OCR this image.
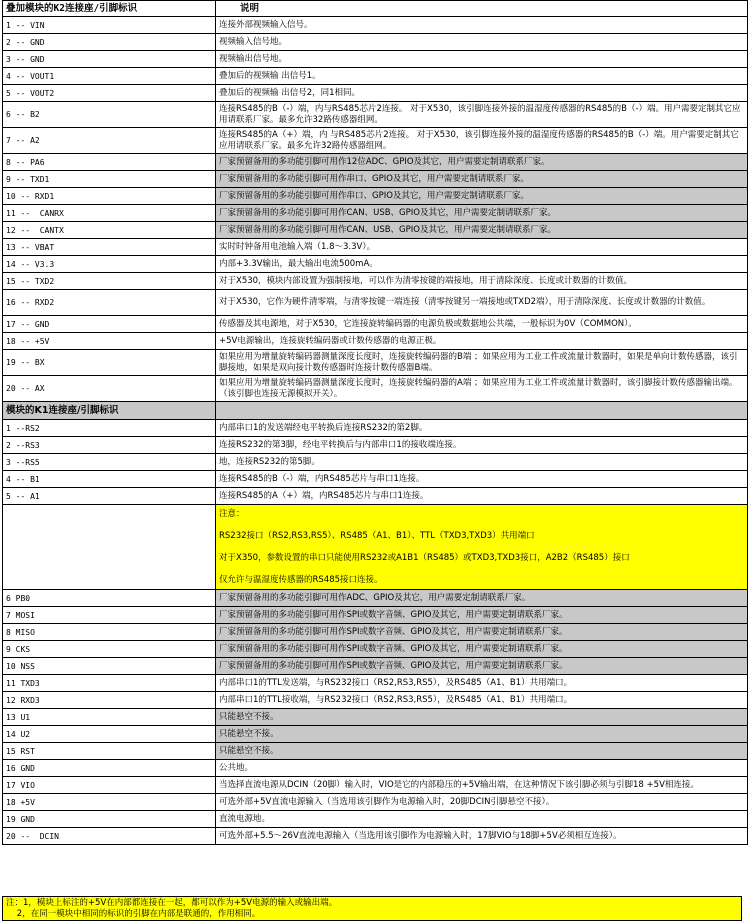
叠加模块的K2连接座/引脚标识	说明
1 -- VIN	连接外部视频输入信号。
2 -- GND	视频输入信号地。
3 -- GND	视频输出信号地。
4 -- VOUT1	叠加后的视频输 出信号1。
5 -- VOUT2	叠加后的视频输 出信号2，同1相同。
6 -- B2	连接RS485的B（-）端，内与RS485芯片2连接。 对于X530，该引脚连接外接的温湿度传感器的RS485的B（-）端。用户需要定制其它应用请联系厂家。最多允许32路传感器组网。
7 -- A2	连接RS485的A（+）端，内 与RS485芯片2连接。 对于X530，该引脚连接外接的温湿度传感器的RS485的B（-）端。用户需要定制其它应用请联系厂家。最多允许32路传感器组网。
8 -- PA6	厂家预留备用的多功能引脚可用作12位ADC、GPIO及其它，用户需要定制请联系厂家。
9 -- TXD1	厂家预留备用的多功能引脚可用作串口、GPIO及其它，用户需要定制请联系厂家。
10 -- RXD1	厂家预留备用的多功能引脚可用作串口、GPIO及其它，用户需要定制请联系厂家。
11 --  CANRX	厂家预留备用的多功能引脚可用作CAN、USB、GPIO及其它，用户需要定制请联系厂家。
12 --  CANTX	厂家预留备用的多功能引脚可用作CAN、USB、GPIO及其它，用户需要定制请联系厂家。
13 -- VBAT	实时时钟备用电池输入端（1.8～3.3V）。
14 -- V3.3	内部+3.3V输出，最大输出电流500mA。
15 -- TXD2	对于X530，模块内部设置为强制接地，可以作为清零按键的端接地，用于清除深度、长度或计数器的计数值。
16 -- RXD2	对于X530，它作为硬件清零端，与清零按键一端连接（清零按键另一端接地或TXD2端），用于清除深度、长度或计数器的计数值。
17 -- GND	传感器及其电源地，对于X530，它连接旋转编码器的电源负极或数据地公共端，一般标识为0V（COMMON）。
18 -- +5V	+5V电源输出，连接旋转编码器或计数传感器的电源正极。
19 -- BX	如果应用为增量旋转编码器测量深度长度时，连接旋转编码器的B端 ；如果应用为工业工件或流量计数器时，如果是单向计数传感器，该引脚接地，如果是双向接计数传感器时连接计数传感器B端。
20 -- AX	如果应用为增量旋转编码器测量深度长度时，连接旋转编码器的A端 ；如果应用为工业工件或流量计数器时，该引脚接计数传感器输出端。（该引脚也连接无源模拟开关）。
模块的K1连接座/引脚标识	
1 --RS2	内部串口1的发送端经电平转换后连接RS232的第2脚。
2 --RS3	连接RS232的第3脚，经电平转换后与内部串口1的接收端连接。
3 --RS5	地，连接RS232的第5脚。
4 -- B1	连接RS485的B（-）端，内RS485芯片与串口1连接。
5 -- A1	连接RS485的A（+）端，内RS485芯片与串口1连接。

	注意：
RS232接口（RS2,RS3,RS5）、RS485（A1、B1）、TTL（TXD3,TXD3）共用端口
对于X350，参数设置的串口只能使用RS232或A1B1（RS485）或TXD3,TXD3接口，A2B2（RS485）接口
仅允许与温湿度传感器的RS485接口连接。

6 PB0	厂家预留备用的多功能引脚可用作ADC、GPIO及其它，用户需要定制请联系厂家。
7 MOSI	厂家预留备用的多功能引脚可用作SPI或数字音频、GPIO及其它，用户需要定制请联系厂家。
8 MISO	厂家预留备用的多功能引脚可用作SPI或数字音频、GPIO及其它，用户需要定制请联系厂家。
9 CKS	厂家预留备用的多功能引脚可用作SPI或数字音频、GPIO及其它，用户需要定制请联系厂家。
10 NSS	厂家预留备用的多功能引脚可用作SPI或数字音频、GPIO及其它，用户需要定制请联系厂家。
11 TXD3	内部串口1的TTL发送端，与RS232接口（RS2,RS3,RS5），及RS485（A1、B1）共用端口。
12 RXD3	内部串口1的TTL接收端，与RS232接口（RS2,RS3,RS5），及RS485（A1、B1）共用端口。
13 U1	只能悬空不接。
14 U2	只能悬空不接。
15 RST	只能悬空不接。
16 GND	公共地。
17 VIO	当选择直流电源从DCIN（20脚）输入时，VIO是它的内部稳压的+5V输出端，在这种情况下该引脚必须与引脚18 +5V相连接。
18 +5V	可选外部+5V直流电源输入（当选用该引脚作为电源输入时，20脚DCIN引脚悬空不接）。
19 GND	直流电源地。
20 --  DCIN	可选外部+5.5～26V直流电源输入（当选用该引脚作为电源输入时，17脚VIO与18脚+5V必须相互连接）。
注：1，模块上标注的+5V在内部都连接在一起，都可以作为+5V电源的输入或输出端。
2，在同一模块中相同的标识的引脚在内部是联通的，作用相同。
